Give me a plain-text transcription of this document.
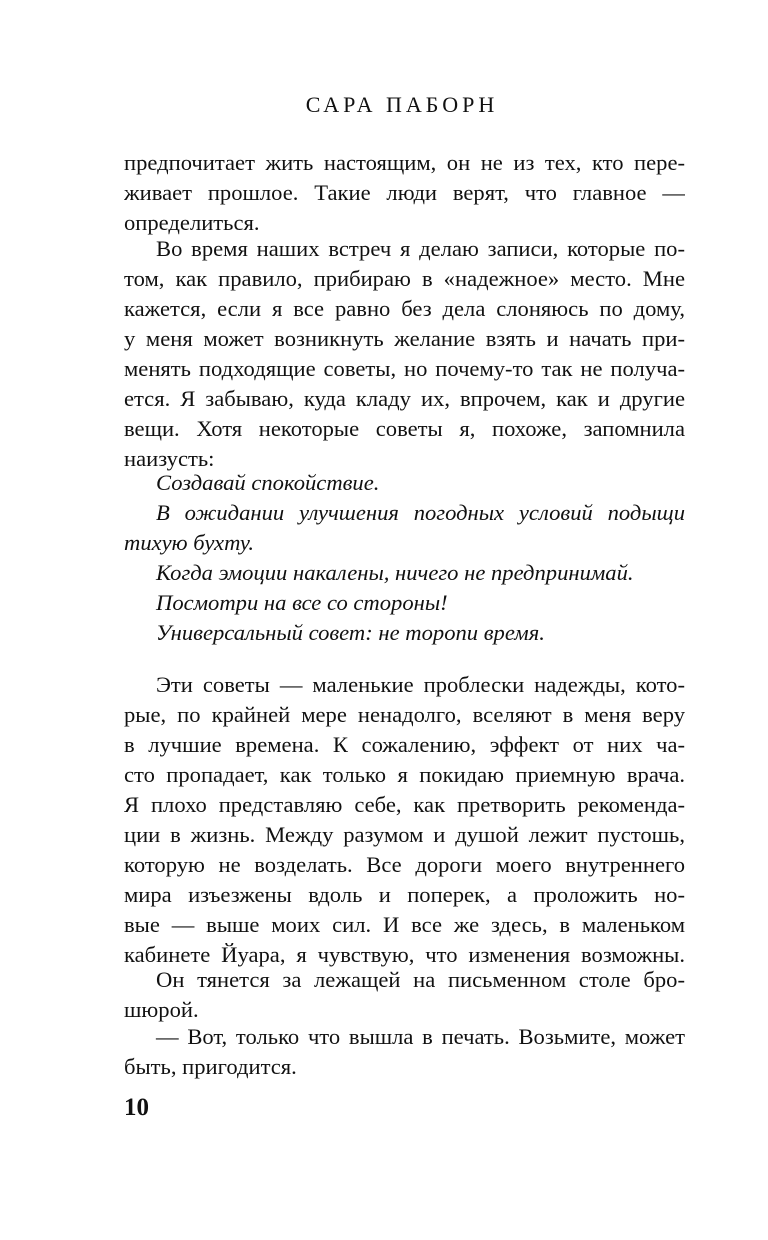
САРА ПАБОРН
предпочитает жить настоящим, он не из тех, кто пере-
живает прошлое. Такие люди верят, что главное —
определиться.
Во время наших встреч я делаю записи, которые по-
том, как правило, прибираю в «надежное» место. Мне
кажется, если я все равно без дела слоняюсь по дому,
у меня может возникнуть желание взять и начать при-
менять подходящие советы, но почему-то так не получа-
ется. Я забываю, куда кладу их, впрочем, как и другие
вещи. Хотя некоторые советы я, похоже, запомнила
наизусть:
Создавай спокойствие.
В ожидании улучшения погодных условий подыщи
тихую бухту.
Когда эмоции накалены, ничего не предпринимай.
Посмотри на все со стороны!
Универсальный совет: не торопи время.
Эти советы — маленькие проблески надежды, кото-
рые, по крайней мере ненадолго, вселяют в меня веру
в лучшие времена. К сожалению, эффект от них ча-
сто пропадает, как только я покидаю приемную врача.
Я плохо представляю себе, как претворить рекоменда-
ции в жизнь. Между разумом и душой лежит пустошь,
которую не возделать. Все дороги моего внутреннего
мира изъезжены вдоль и поперек, а проложить но-
вые — выше моих сил. И все же здесь, в маленьком
кабинете Йуара, я чувствую, что изменения возможны.
Он тянется за лежащей на письменном столе бро-
шюрой.
— Вот, только что вышла в печать. Возьмите, может
быть, пригодится.
10
